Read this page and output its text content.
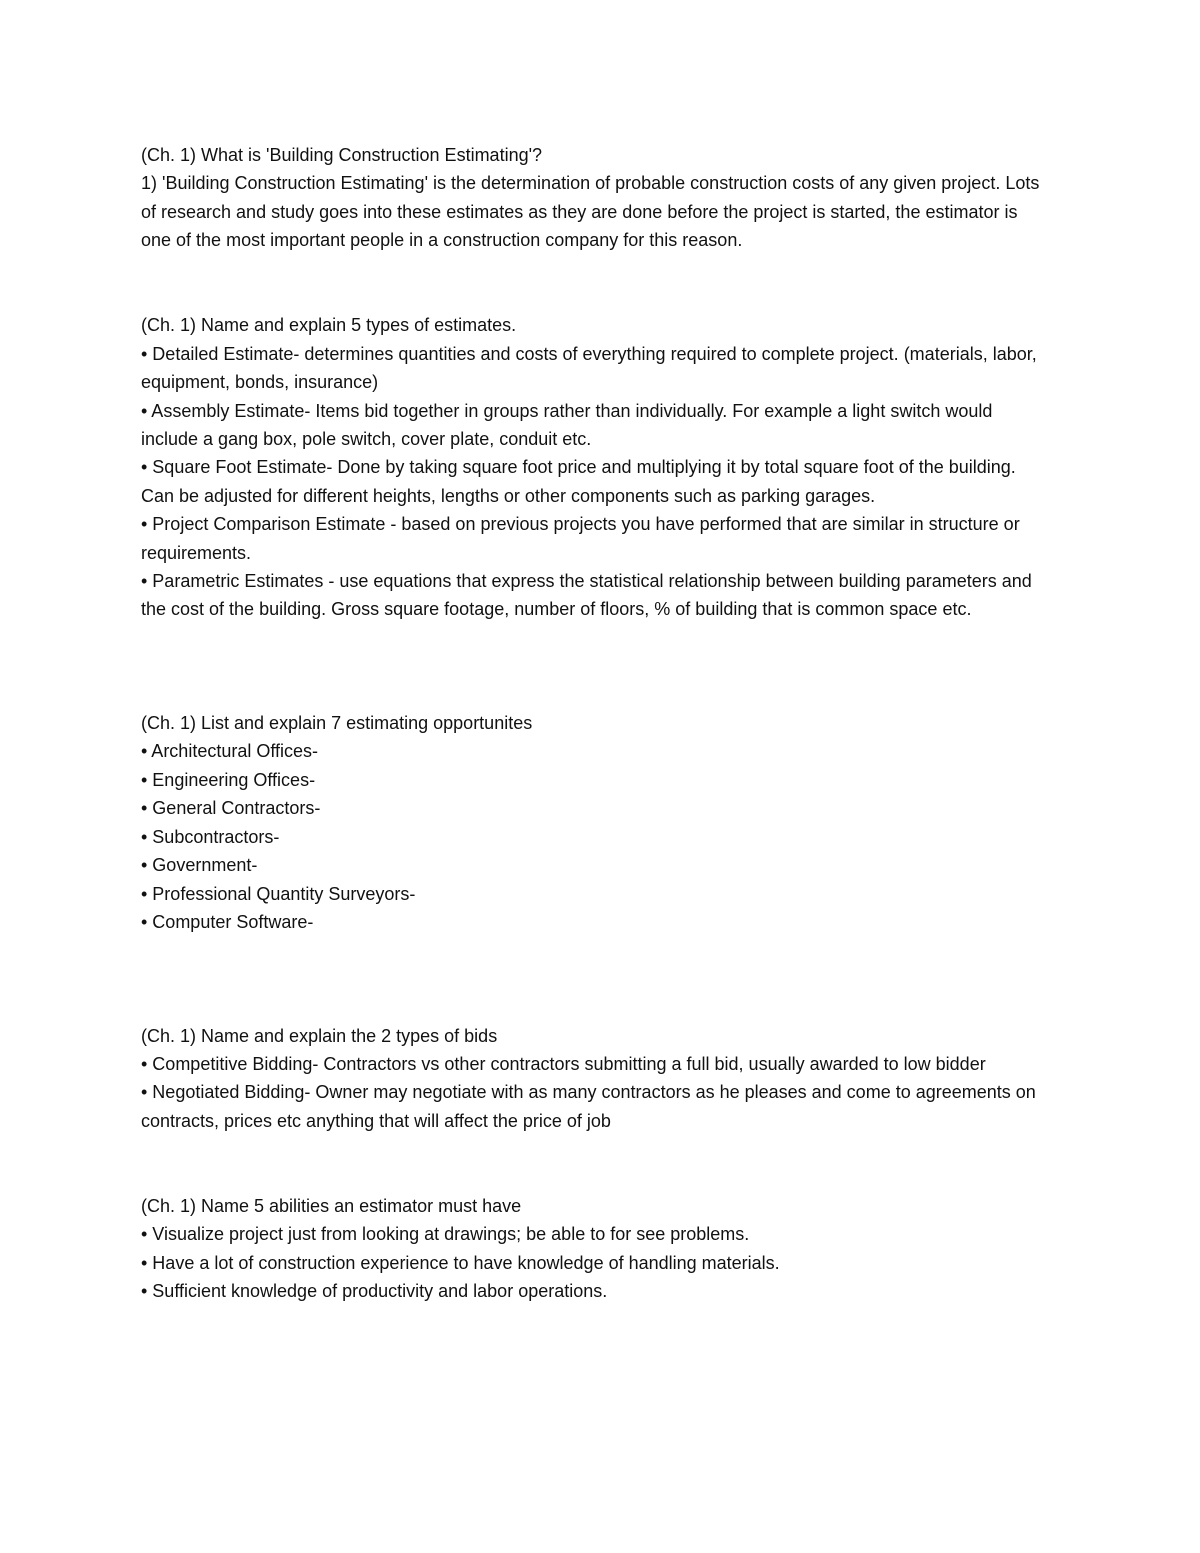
(Ch. 1) What is 'Building Construction Estimating'?

1) 'Building Construction Estimating' is the determination of probable construction costs of any given project. Lots of research and study goes into these estimates as they are done before the project is started, the estimator is one of the most important people in a construction company for this reason.

(Ch. 1) Name and explain 5 types of estimates.

• Detailed Estimate- determines quantities and costs of everything required to complete project. (materials, labor, equipment, bonds, insurance)

• Assembly Estimate- Items bid together in groups rather than individually. For example a light switch would include a gang box, pole switch, cover plate, conduit etc.

• Square Foot Estimate- Done by taking square foot price and multiplying it by total square foot of the building. Can be adjusted for different heights, lengths or other components such as parking garages.

• Project Comparison Estimate - based on previous projects you have performed that are similar in structure or requirements.

• Parametric Estimates - use equations that express the statistical relationship between building parameters and the cost of the building. Gross square footage, number of floors, % of building that is common space etc.

(Ch. 1) List and explain 7 estimating opportunites

• Architectural Offices-

• Engineering Offices-

• General Contractors-

• Subcontractors-

• Government-

• Professional Quantity Surveyors-

• Computer Software-

(Ch. 1) Name and explain the 2 types of bids

• Competitive Bidding- Contractors vs other contractors submitting a full bid, usually awarded to low bidder

• Negotiated Bidding- Owner may negotiate with as many contractors as he pleases and come to agreements on contracts, prices etc anything that will affect the price of job

(Ch. 1) Name 5 abilities an estimator must have

• Visualize project just from looking at drawings; be able to for see problems.

• Have a lot of construction experience to have knowledge of handling materials.

• Sufficient knowledge of productivity and labor operations.
